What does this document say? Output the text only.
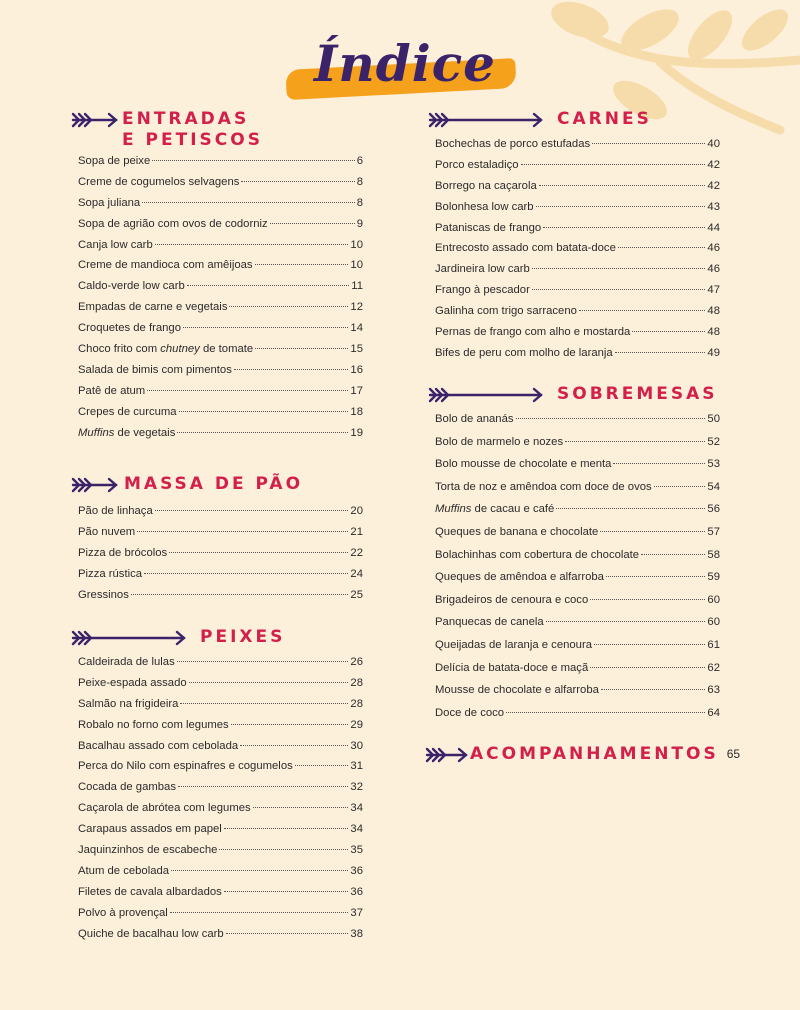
Índice
ENTRADAS
E PETISCOS
Sopa de peixe	6
Creme de cogumelos selvagens	8
Sopa juliana	8
Sopa de agrião com ovos de codorniz	9
Canja low carb	10
Creme de mandioca com amêijoas	10
Caldo-verde low carb	11
Empadas de carne e vegetais	12
Croquetes de frango	14
Choco frito com chutney de tomate	15
Salada de bimis com pimentos	16
Patê de atum	17
Crepes de curcuma	18
Muffins de vegetais	19
MASSA DE PÃO
Pão de linhaça	20
Pão nuvem	21
Pizza de brócolos	22
Pizza rústica	24
Gressinos	25
PEIXES
Caldeirada de lulas	26
Peixe-espada assado	28
Salmão na frigideira	28
Robalo no forno com legumes	29
Bacalhau assado com cebolada	30
Perca do Nilo com espinafres e cogumelos	31
Cocada de gambas	32
Caçarola de abrótea com legumes	34
Carapaus assados em papel	34
Jaquinzinhos de escabeche	35
Atum de cebolada	36
Filetes de cavala albardados	36
Polvo à provençal	37
Quiche de bacalhau low carb	38
CARNES
Bochechas de porco estufadas	40
Porco estaladiço	42
Borrego na caçarola	42
Bolonhesa low carb	43
Pataniscas de frango	44
Entrecosto assado com batata-doce	46
Jardineira low carb	46
Frango à pescador	47
Galinha com trigo sarraceno	48
Pernas de frango com alho e mostarda	48
Bifes de peru com molho de laranja	49
SOBREMESAS
Bolo de ananás	50
Bolo de marmelo e nozes	52
Bolo mousse de chocolate e menta	53
Torta de noz e amêndoa com doce de ovos	54
Muffins de cacau e café	56
Queques de banana e chocolate	57
Bolachinhas com cobertura de chocolate	58
Queques de amêndoa e alfarroba	59
Brigadeiros de cenoura e coco	60
Panquecas de canela	60
Queijadas de laranja e cenoura	61
Delícia de batata-doce e maçã	62
Mousse de chocolate e alfarroba	63
Doce de coco	64
ACOMPANHAMENTOS 65
